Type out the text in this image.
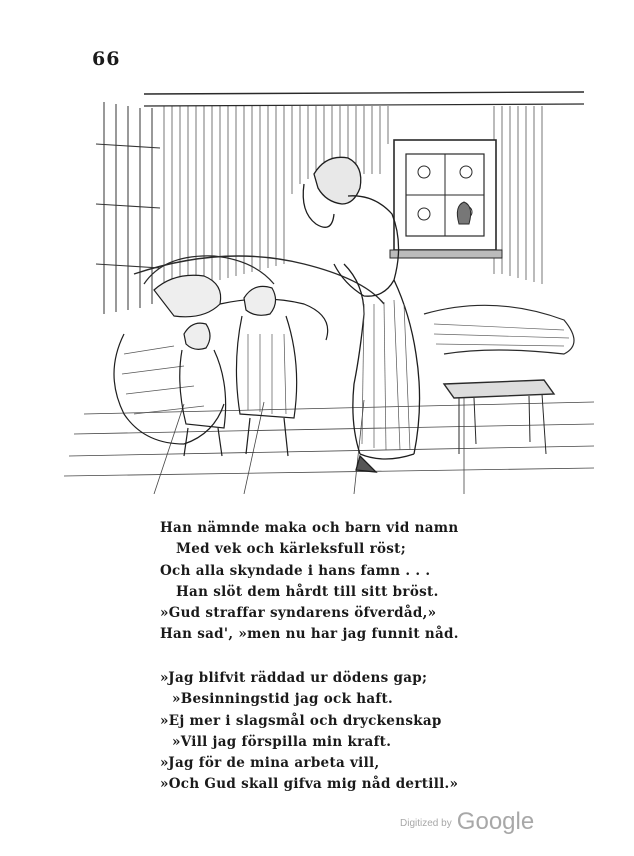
66
Han nämnde maka och barn vid namn
Med vek och kärleksfull röst;
Och alla skyndade i hans famn . . .
Han slöt dem hårdt till sitt bröst.
»Gud straffar syndarens öfverdåd,»
Han sad', »men nu har jag funnit nåd.
»Jag blifvit räddad ur dödens gap;
»Besinningstid jag ock haft.
»Ej mer i slagsmål och dryckenskap
»Vill jag förspilla min kraft.
»Jag för de mina arbeta vill,
»Och Gud skall gifva mig nåd dertill.»
Digitized by Google
